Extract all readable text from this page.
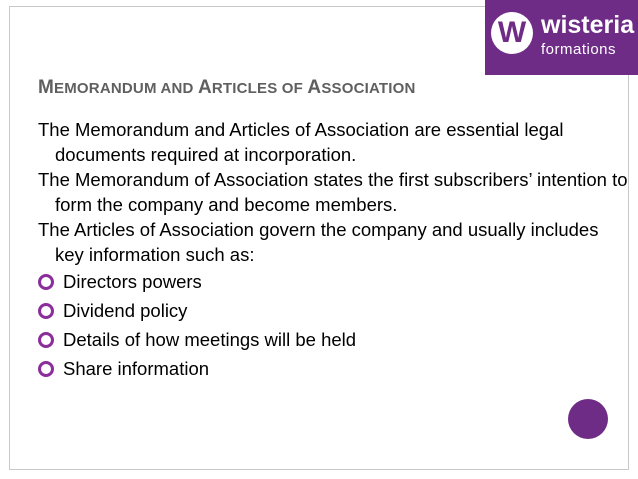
W wisteria
formations
MEMORANDUM AND ARTICLES OF ASSOCIATION

The Memorandum and Articles of Association are essential legal documents required at incorporation.

The Memorandum of Association states the first subscribers’ intention to form the company and become members.

The Articles of Association govern the company and usually includes key information such as:

Directors powers
Dividend policy
Details of how meetings will be held
Share information
